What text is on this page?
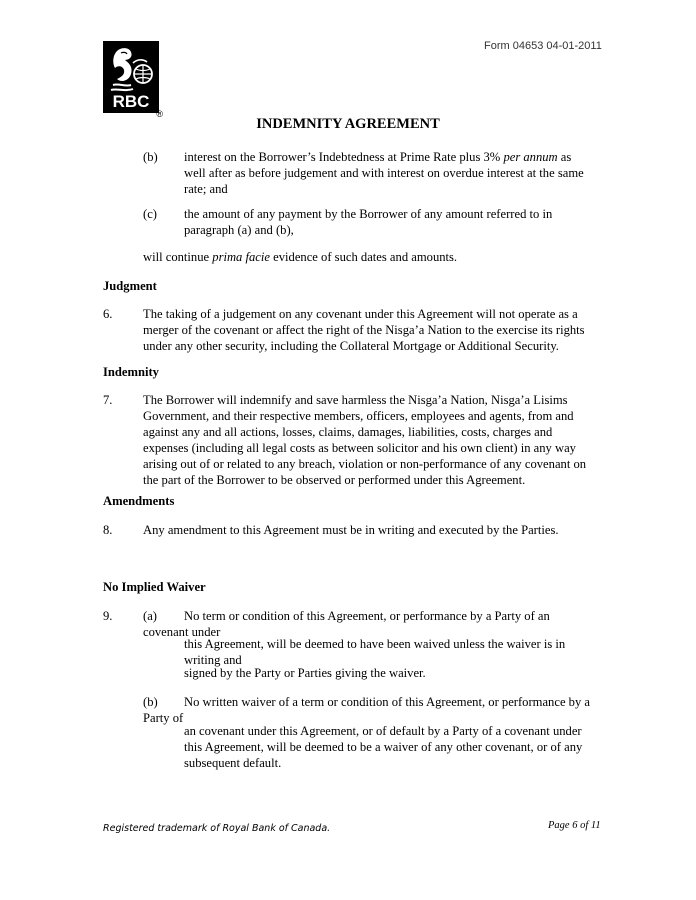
Form 04653 04-01-2011
RBC
®
INDEMNITY AGREEMENT
(b) interest on the Borrower’s Indebtedness at Prime Rate plus 3% per annum as well after as before judgement and with interest on overdue interest at the same rate; and
(c) the amount of any payment by the Borrower of any amount referred to in paragraph (a) and (b),
will continue prima facie evidence of such dates and amounts.
Judgment
6. The taking of a judgement on any covenant under this Agreement will not operate as a merger of the covenant or affect the right of the Nisga’a Nation to the exercise its rights under any other security, including the Collateral Mortgage or Additional Security.
Indemnity
7. The Borrower will indemnify and save harmless the Nisga’a Nation, Nisga’a Lisims Government, and their respective members, officers, employees and agents, from and against any and all actions, losses, claims, damages, liabilities, costs, charges and expenses (including all legal costs as between solicitor and his own client) in any way arising out of or related to any breach, violation or non-performance of any covenant on the part of the Borrower to be observed or performed under this Agreement.
Amendments
8. Any amendment to this Agreement must be in writing and executed by the Parties.
No Implied Waiver
9. (a) No term or condition of this Agreement, or performance by a Party of an
covenant under
this Agreement, will be deemed to have been waived unless the waiver is in
writing and
signed by the Party or Parties giving the waiver.
(b) No written waiver of a term or condition of this Agreement, or performance by a
Party of
an covenant under this Agreement, or of default by a Party of a covenant under this Agreement, will be deemed to be a waiver of any other covenant, or of any subsequent default.
Registered trademark of Royal Bank of Canada.	Page 6 of 11
